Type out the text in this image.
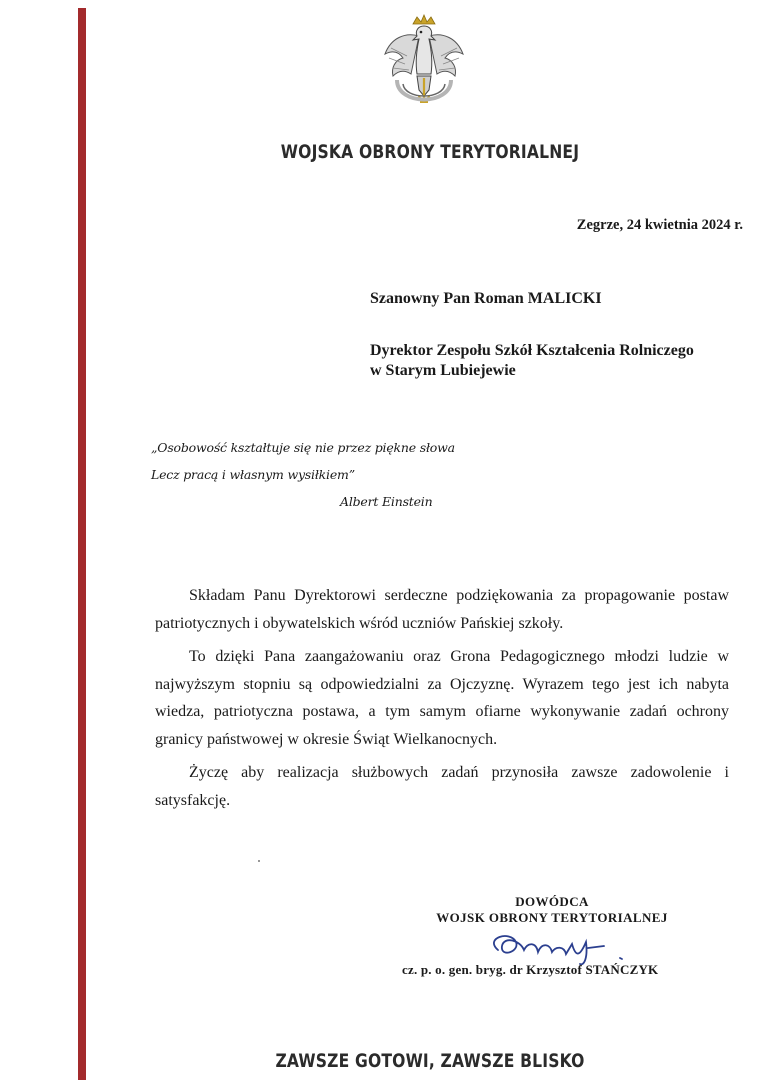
WOJSKA OBRONY TERYTORIALNEJ
Zegrze, 24 kwietnia 2024 r.
Szanowny Pan Roman MALICKI
Dyrektor Zespołu Szkół Kształcenia Rolniczego
w Starym Lubiejewie
„Osobowość kształtuje się nie przez piękne słowa
Lecz pracą i własnym wysiłkiem”
Albert Einstein

Składam Panu Dyrektorowi serdeczne podziękowania za propagowanie postaw patriotycznych i obywatelskich wśród uczniów Pańskiej szkoły.

To dzięki Pana zaangażowaniu oraz Grona Pedagogicznego młodzi ludzie w najwyższym stopniu są odpowiedzialni za Ojczyznę. Wyrazem tego jest ich nabyta wiedza, patriotyczna postawa, a tym samym ofiarne wykonywanie zadań ochrony granicy państwowej w okresie Świąt Wielkanocnych.

Życzę aby realizacja służbowych zadań przynosiła zawsze zadowolenie i satysfakcję.

DOWÓDCA
WOJSK OBRONY TERYTORIALNEJ
cz. p. o. gen. bryg. dr Krzysztof STAŃCZYK
ZAWSZE GOTOWI, ZAWSZE BLISKO
